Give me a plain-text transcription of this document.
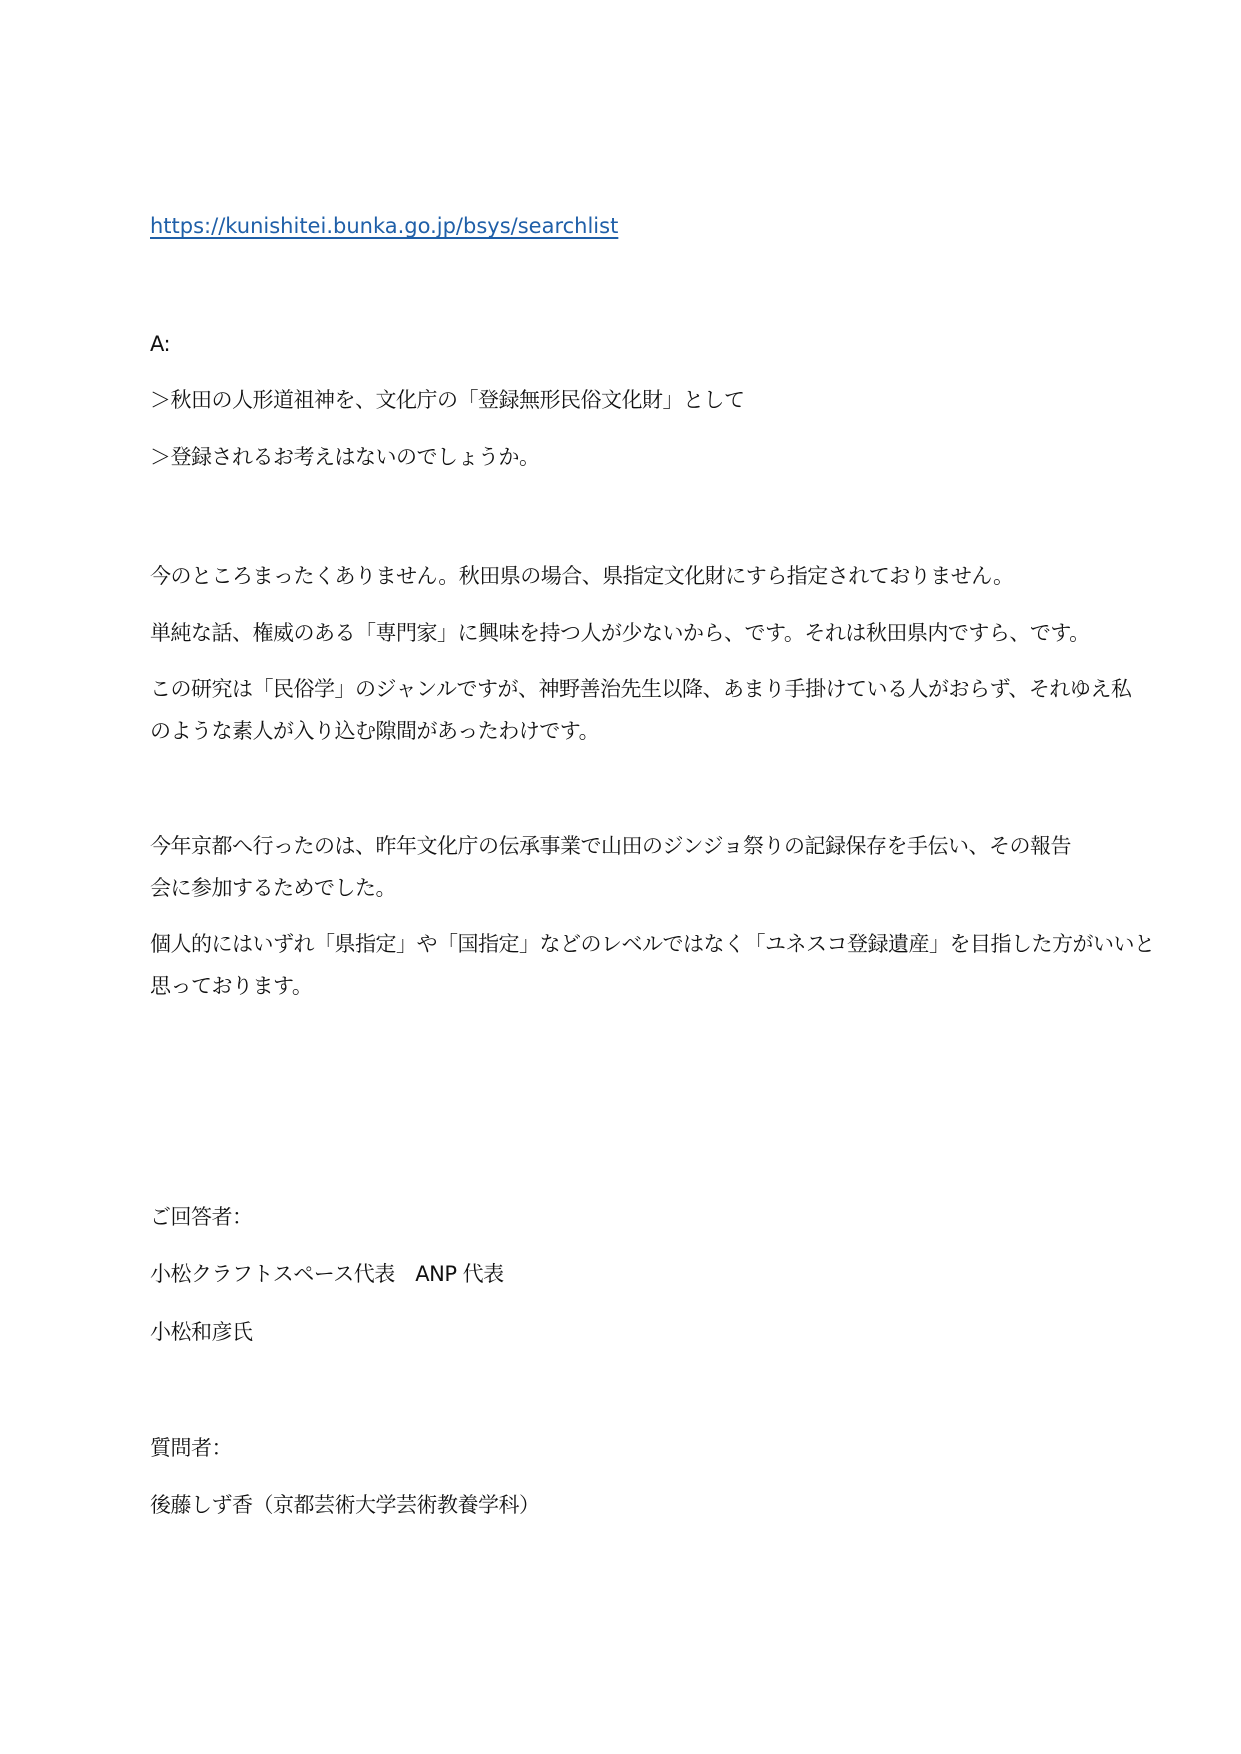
https://kunishitei.bunka.go.jp/bsys/searchlist
A:
＞秋田の人形道祖神を、文化庁の「登録無形民俗文化財」として
＞登録されるお考えはないのでしょうか。
今のところまったくありません。秋田県の場合、県指定文化財にすら指定されておりません。
単純な話、権威のある「専門家」に興味を持つ人が少ないから、です。それは秋田県内ですら、です。
この研究は「民俗学」のジャンルですが、神野善治先生以降、あまり手掛けている人がおらず、それゆえ私
のような素人が入り込む隙間があったわけです。
今年京都へ行ったのは、昨年文化庁の伝承事業で山田のジンジョ祭りの記録保存を手伝い、その報告
会に参加するためでした。
個人的にはいずれ「県指定」や「国指定」などのレベルではなく「ユネスコ登録遺産」を目指した方がいいと
思っております。
ご回答者：
小松クラフトスペース代表　ANP 代表
小松和彦氏
質問者：
後藤しず香（京都芸術大学芸術教養学科）
